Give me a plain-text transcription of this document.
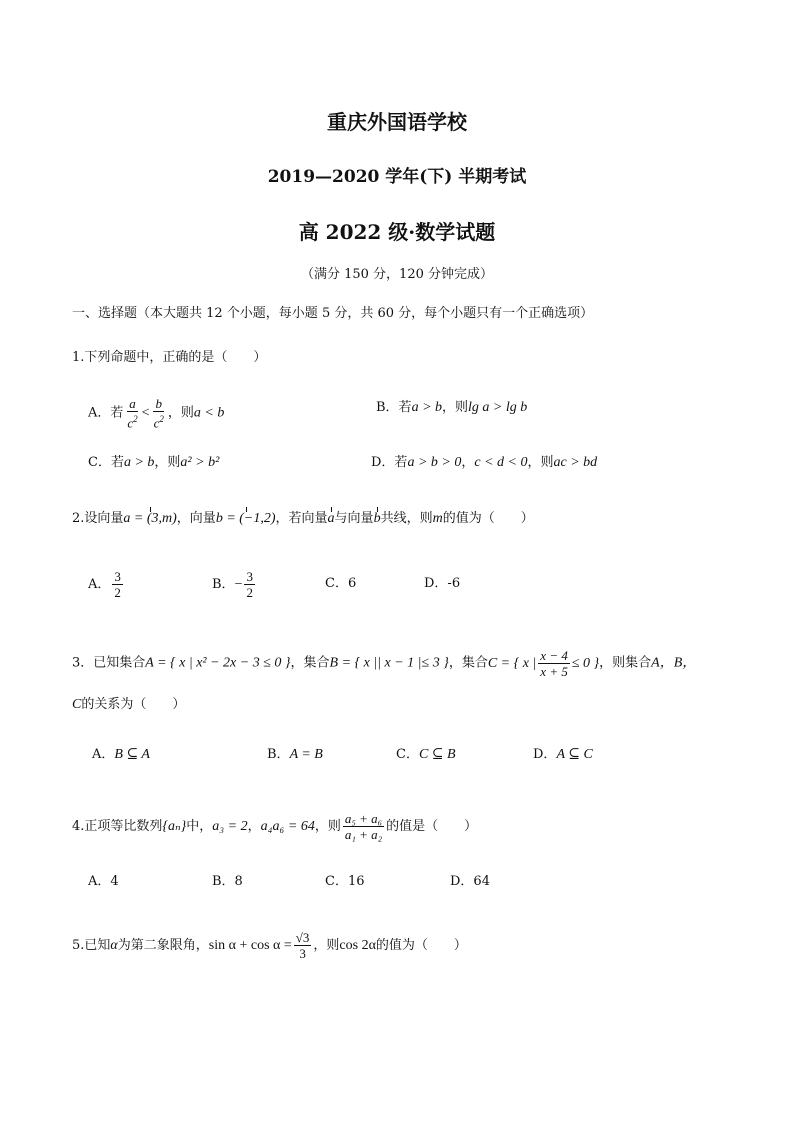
重庆外国语学校
2019—2020 学年(下) 半期考试
高 2022 级·数学试题
（满分 150 分，120 分钟完成）
一、选择题（本大题共 12 个小题，每小题 5 分，共 60 分，每个小题只有一个正确选项）
1.下列命题中，正确的是（　　）
A．若 $\frac{a}{c^2} < \frac{b}{c^2}$ ，则a < b	B．若a > b，则lg a > lg b
C．若a > b，则a² > b²	D．若a > b > 0，c < d < 0，则ac > bd
2.设向量a = (3,m)，向量b = (−1,2)，若向量a与向量b共线，则m的值为（　　）
A． $\frac{3}{2}$	B．− $\frac{3}{2}$	C．6	D．-6
3．已知集合A = { x | x² − 2x − 3 ≤ 0 }，集合B = { x || x − 1 |≤ 3 }，集合C = { x | $\frac{x - 4}{x + 5} \le 0$ }，则集合A，B，
C的关系为（　　）
A．B ⊆ A	B．A = B	C．C ⊆ B	D．A ⊆ C
4.正项等比数列{aₙ}中，a₃ = 2，a₄a₆ = 64，则 $\frac{\text{a₅ + a₆}}{\text{a₁ + a₂}}$ 的值是（　　）
A．4	B．8	C．16	D．64
5.已知α为第二象限角，$\sin \alpha + \cos \alpha = \frac{√3}{3}$ ，则cos 2α的值为（　　）
